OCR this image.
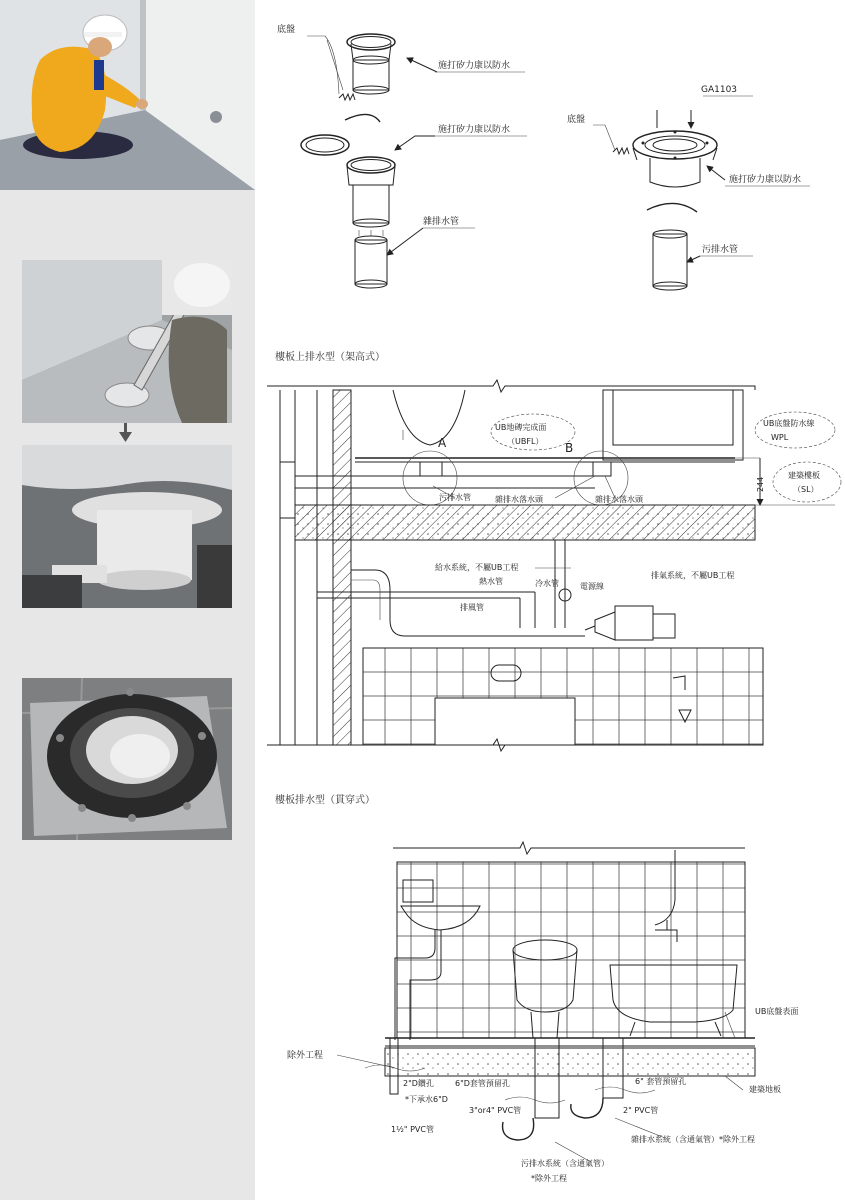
底盤
施打矽力康以防水
施打矽力康以防水
雜排水管
GA1103
底盤
施打矽力康以防水
污排水管
樓板上排水型（架高式）
A	B
UB地磚完成面
（UBFL）
UB底盤防水線
WPL
建築樓板
（SL）
244
污排水管	雜排水落水頭	雜排水落水頭
給水系統，不屬UB工程
熱水管	冷水管	電源線
排氣系統，不屬UB工程
排風管
樓板排水型（貫穿式）
UB底盤表面
除外工程
建築地板
2"D鑽孔	6"D套管預留孔	6" 套管預留孔
*下承水6"D
3"or4" PVC管	2" PVC管
1½" PVC管
雜排水系統（含通氣管）*除外工程
污排水系統（含通氣管）
*除外工程
